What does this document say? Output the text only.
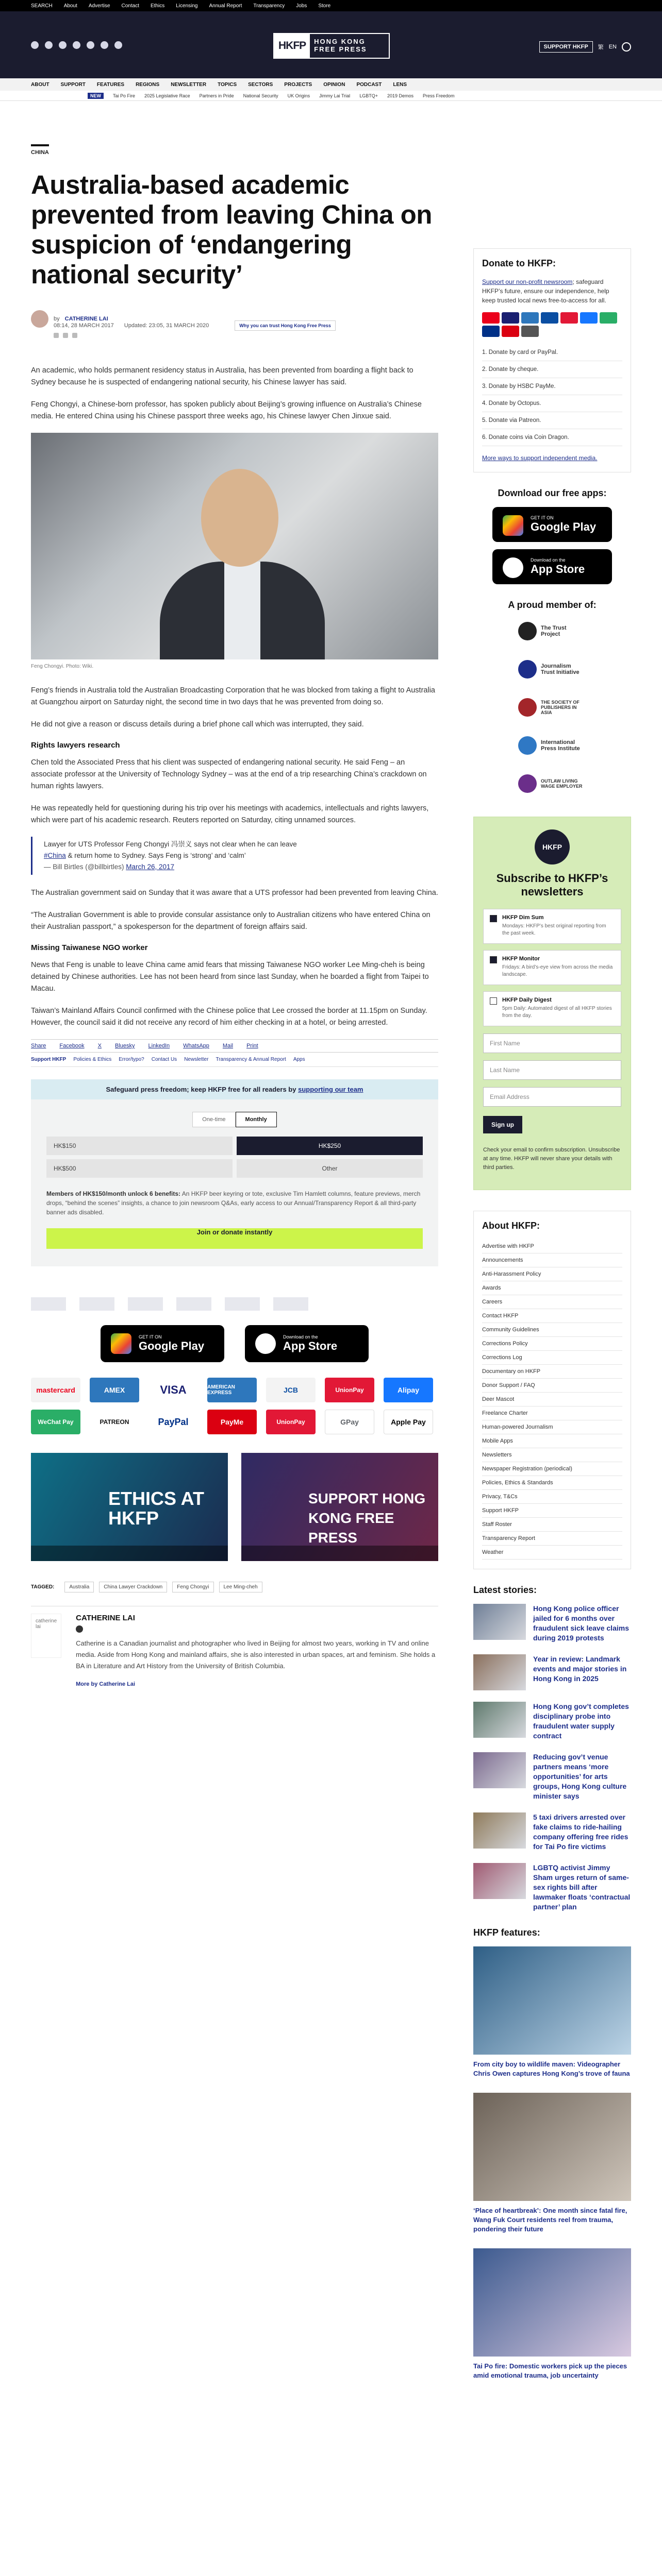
SEARCH About Advertise Contact Ethics Licensing Annual Report Transparency Jobs Store
HKFP	HONG KONG
FREE PRESS	SUPPORT HKFP	繁 EN
ABOUT SUPPORT FEATURES REGIONS NEWSLETTER TOPICS SECTORS PROJECTS OPINION PODCAST LENS
NEW	Tai Po Fire 2025 Legislative Race Partners in Pride National Security UK Origins Jimmy Lai Trial LGBTQ+ 2019 Demos Press Freedom
CHINA
Australia-based academic prevented from leaving China on suspicion of ‘endangering national security’
by CATHERINE LAI
08:14, 28 MARCH 2017 Updated: 23:05, 31 MARCH 2020	Why you can trust Hong Kong Free Press

An academic, who holds permanent residency status in Australia, has been prevented from boarding a flight back to Sydney because he is suspected of endangering national security, his Chinese lawyer has said.

Feng Chongyi, a Chinese-born professor, has spoken publicly about Beijing’s growing influence on Australia’s Chinese media. He entered China using his Chinese passport three weeks ago, his Chinese lawyer Chen Jinxue said.

Feng Chongyi. Photo: Wiki.

Feng’s friends in Australia told the Australian Broadcasting Corporation that he was blocked from taking a flight to Australia at Guangzhou airport on Saturday night, the second time in two days that he was prevented from doing so.

He did not give a reason or discuss details during a brief phone call which was interrupted, they said.

Rights lawyers research

Chen told the Associated Press that his client was suspected of endangering national security. He said Feng – an associate professor at the University of Technology Sydney – was at the end of a trip researching China’s crackdown on human rights lawyers.

He was repeatedly held for questioning during his trip over his meetings with academics, intellectuals and rights lawyers, which were part of his academic research. Reuters reported on Saturday, citing unnamed sources.

Lawyer for UTS Professor Feng Chongyi 冯崇义 says not clear when he can leave
#China & return home to Sydney. Says Feng is ‘strong’ and ‘calm’
— Bill Birtles (@billbirtles) March 26, 2017

The Australian government said on Sunday that it was aware that a UTS professor had been prevented from leaving China.

“The Australian Government is able to provide consular assistance only to Australian citizens who have entered China on their Australian passport,” a spokesperson for the department of foreign affairs said.

Missing Taiwanese NGO worker

News that Feng is unable to leave China came amid fears that missing Taiwanese NGO worker Lee Ming-cheh is being detained by Chinese authorities. Lee has not been heard from since last Sunday, when he boarded a flight from Taipei to Macau.

Taiwan’s Mainland Affairs Council confirmed with the Chinese police that Lee crossed the border at 11.15pm on Sunday. However, the council said it did not receive any record of him either checking in at a hotel, or being arrested.

Share Facebook X Bluesky LinkedIn WhatsApp Mail Print
Support HKFP Policies & Ethics Error/typo? Contact Us Newsletter Transparency & Annual Report Apps
Safeguard press freedom; keep HKFP free for all readers by supporting our team
One-time	Monthly
HK$150	HK$250
HK$500	Other
Members of HK$150/month unlock 6 benefits: An HKFP beer keyring or tote, exclusive Tim Hamlett columns, feature previews, merch drops, “behind the scenes” insights, a chance to join newsroom Q&As, early access to our Annual/Transparency Report & all third-party banner ads disabled.
Join or donate instantly
GET IT ON
Google Play
Download on the
App Store
mastercard	AMEX	VISA	AMERICAN EXPRESS	JCB	UnionPay	Alipay
WeChat Pay	PATREON	PayPal	PayMe	UnionPay	GPay	Apple Pay
ETHICS AT HKFP
SUPPORT HONG KONG FREE PRESS
TAGGED:	Australia	China Lawyer Crackdown	Feng Chongyi	Lee Ming-cheh
catherine lai
CATHERINE LAI

Catherine is a Canadian journalist and photographer who lived in Beijing for almost two years, working in TV and online media. Aside from Hong Kong and mainland affairs, she is also interested in urban spaces, art and feminism. She holds a BA in Literature and Art History from the University of British Columbia.

More by Catherine Lai
Donate to HKFP:
Support our non-profit newsroom; safeguard HKFP’s future, ensure our independence, help keep trusted local news free-to-access for all.
1. Donate by card or PayPal.
2. Donate by cheque.
3. Donate by HSBC PayMe.
4. Donate by Octopus.
5. Donate via Patreon.
6. Donate coins via Coin Dragon.
More ways to support independent media.
Download our free apps:
GET IT ON
Google Play
Download on the
App Store
A proud member of:
The Trust Project
Journalism Trust Initiative
THE SOCIETY OF PUBLISHERS IN ASIA
International Press Institute
OUTLAW LIVING WAGE EMPLOYER
HKFP
Subscribe to HKFP’s newsletters
HKFP Dim Sum
Mondays: HKFP’s best original reporting from the past week.
HKFP Monitor
Fridays: A bird’s-eye view from across the media landscape.
HKFP Daily Digest
5pm Daily: Automated digest of all HKFP stories from the day.
First Name
Last Name
Email Address
Sign up
Check your email to confirm subscription. Unsubscribe at any time. HKFP will never share your details with third parties.
About HKFP:
Advertise with HKFP
Announcements
Anti-Harassment Policy
Awards
Careers
Contact HKFP
Community Guidelines
Corrections Policy
Corrections Log
Documentary on HKFP
Donor Support / FAQ
Deer Mascot
Freelance Charter
Human-powered Journalism
Mobile Apps
Newsletters
Newspaper Registration (periodical)
Policies, Ethics & Standards
Privacy, T&Cs
Support HKFP
Staff Roster
Transparency Report
Weather
Latest stories:

Hong Kong police officer jailed for 6 months over fraudulent sick leave claims during 2019 protests

Year in review: Landmark events and major stories in Hong Kong in 2025

Hong Kong gov’t completes disciplinary probe into fraudulent water supply contract

Reducing gov’t venue partners means ‘more opportunities’ for arts groups, Hong Kong culture minister says

5 taxi drivers arrested over fake claims to ride-hailing company offering free rides for Tai Po fire victims

LGBTQ activist Jimmy Sham urges return of same-sex rights bill after lawmaker floats ‘contractual partner’ plan

HKFP features:

From city boy to wildlife maven: Videographer Chris Owen captures Hong Kong’s trove of fauna

‘Place of heartbreak’: One month since fatal fire, Wang Fuk Court residents reel from trauma, pondering their future

Tai Po fire: Domestic workers pick up the pieces amid emotional trauma, job uncertainty
